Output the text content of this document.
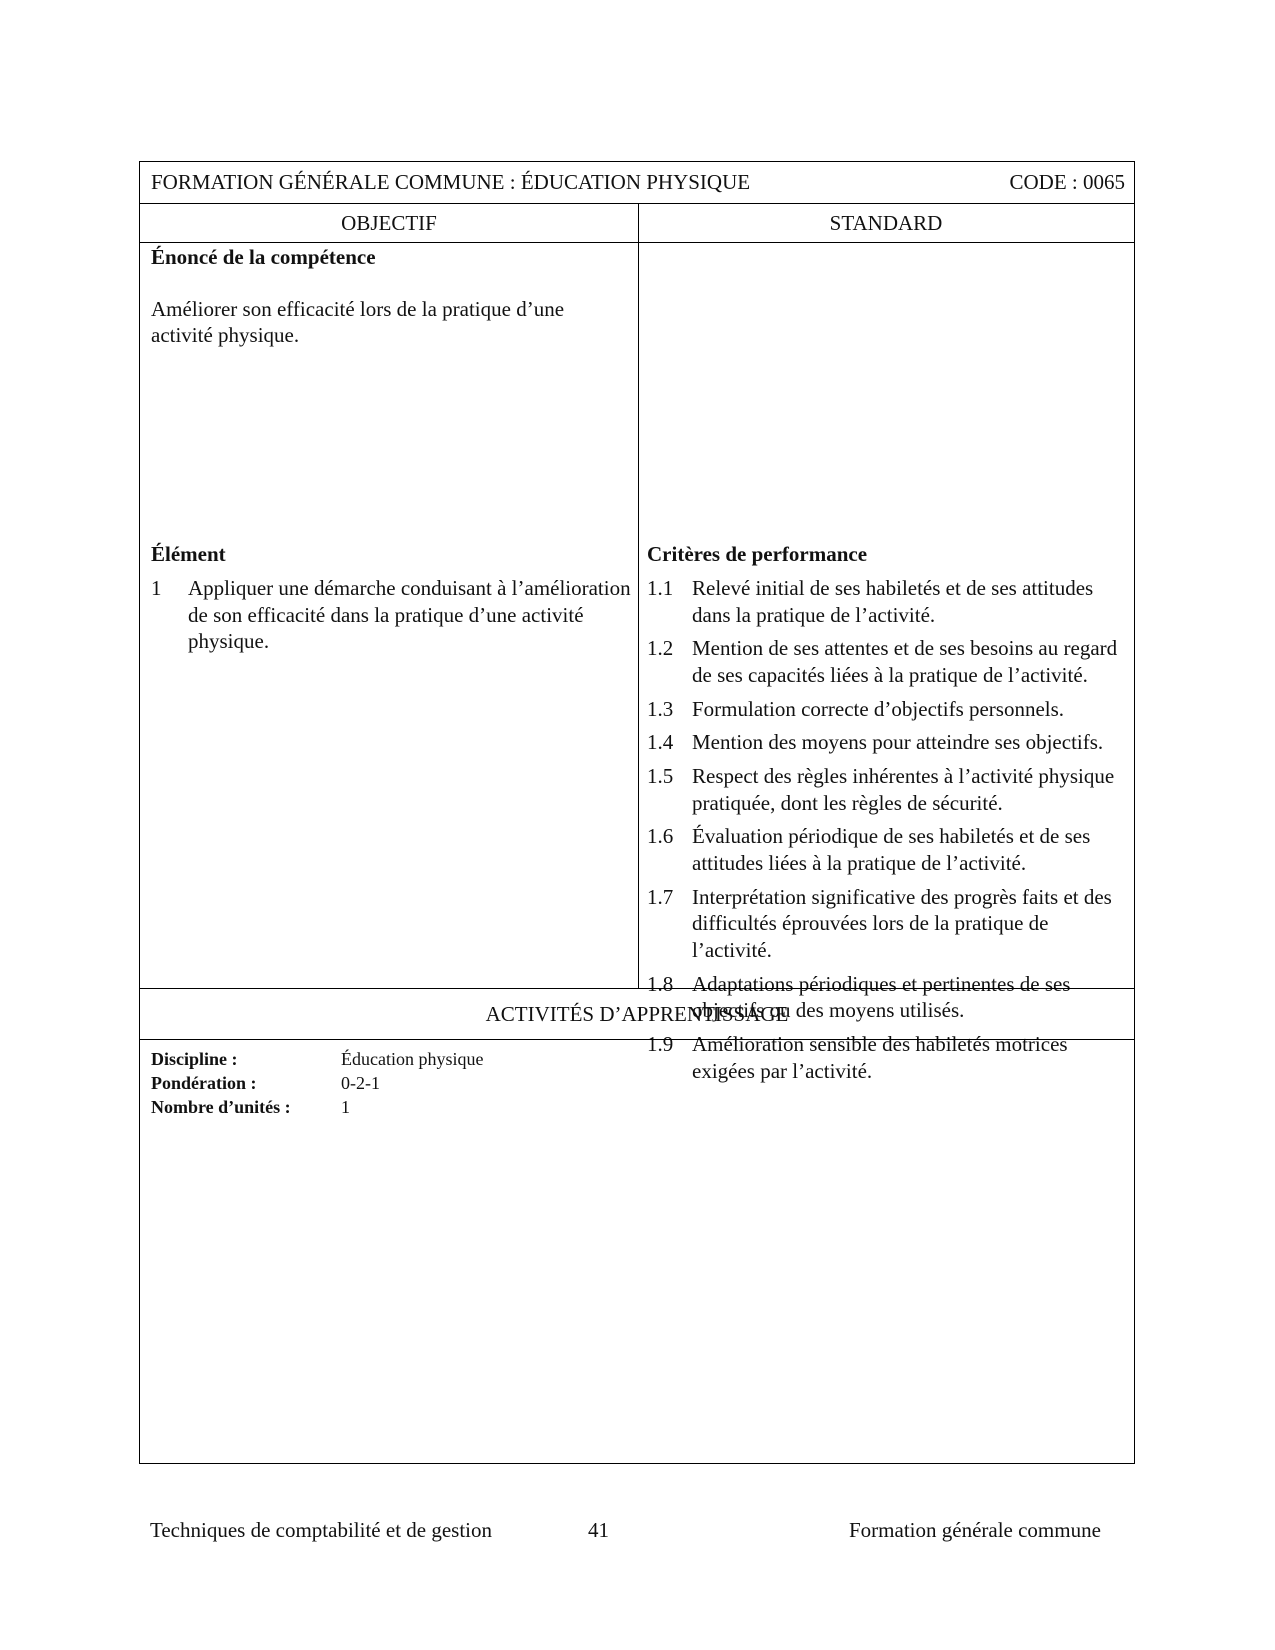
FORMATION GÉNÉRALE COMMUNE : ÉDUCATION PHYSIQUE	CODE : 0065
OBJECTIF	STANDARD
Énoncé de la compétence
Améliorer son efficacité lors de la pratique d’une activité physique.
Élément
1 Appliquer une démarche conduisant à l’amélioration de son efficacité dans la pratique d’une activité physique.
Critères de performance
1.1 Relevé initial de ses habiletés et de ses attitudes dans la pratique de l’activité.
1.2 Mention de ses attentes et de ses besoins au regard de ses capacités liées à la pratique de l’activité.
1.3 Formulation correcte d’objectifs personnels.
1.4 Mention des moyens pour atteindre ses objectifs.
1.5 Respect des règles inhérentes à l’activité physique pratiquée, dont les règles de sécurité.
1.6 Évaluation périodique de ses habiletés et de ses attitudes liées à la pratique de l’activité.
1.7 Interprétation significative des progrès faits et des difficultés éprouvées lors de la pratique de l’activité.
1.8 Adaptations périodiques et pertinentes de ses objectifs ou des moyens utilisés.
1.9 Amélioration sensible des habiletés motrices exigées par l’activité.
ACTIVITÉS D’APPRENTISSAGE
Discipline :	Éducation physique
Pondération :	0-2-1
Nombre d’unités :	1
Techniques de comptabilité et de gestion	41	Formation générale commune
